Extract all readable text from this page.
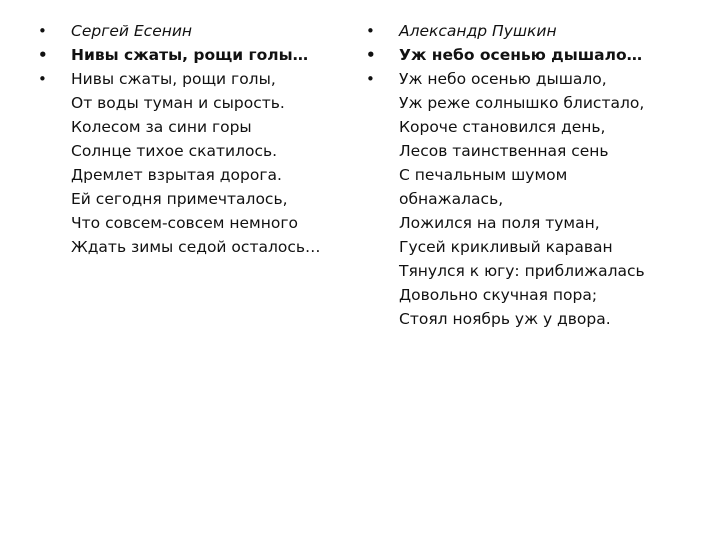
• Сергей Есенин
• Нивы сжаты, рощи голы…
• Нивы сжаты, рощи голы,
От воды туман и сырость.
Колесом за сини горы
Солнце тихое скатилось.
Дремлет взрытая дорога.
Ей сегодня примечталось,
Что совсем-совсем немного
Ждать зимы седой осталось…
• Александр Пушкин
• Уж небо осенью дышало…
• Уж небо осенью дышало,
Уж реже солнышко блистало,
Короче становился день,
Лесов таинственная сень
С печальным шумом
обнажалась,
Ложился на поля туман,
Гусей крикливый караван
Тянулся к югу: приближалась
Довольно скучная пора;
Стоял ноябрь уж у двора.
